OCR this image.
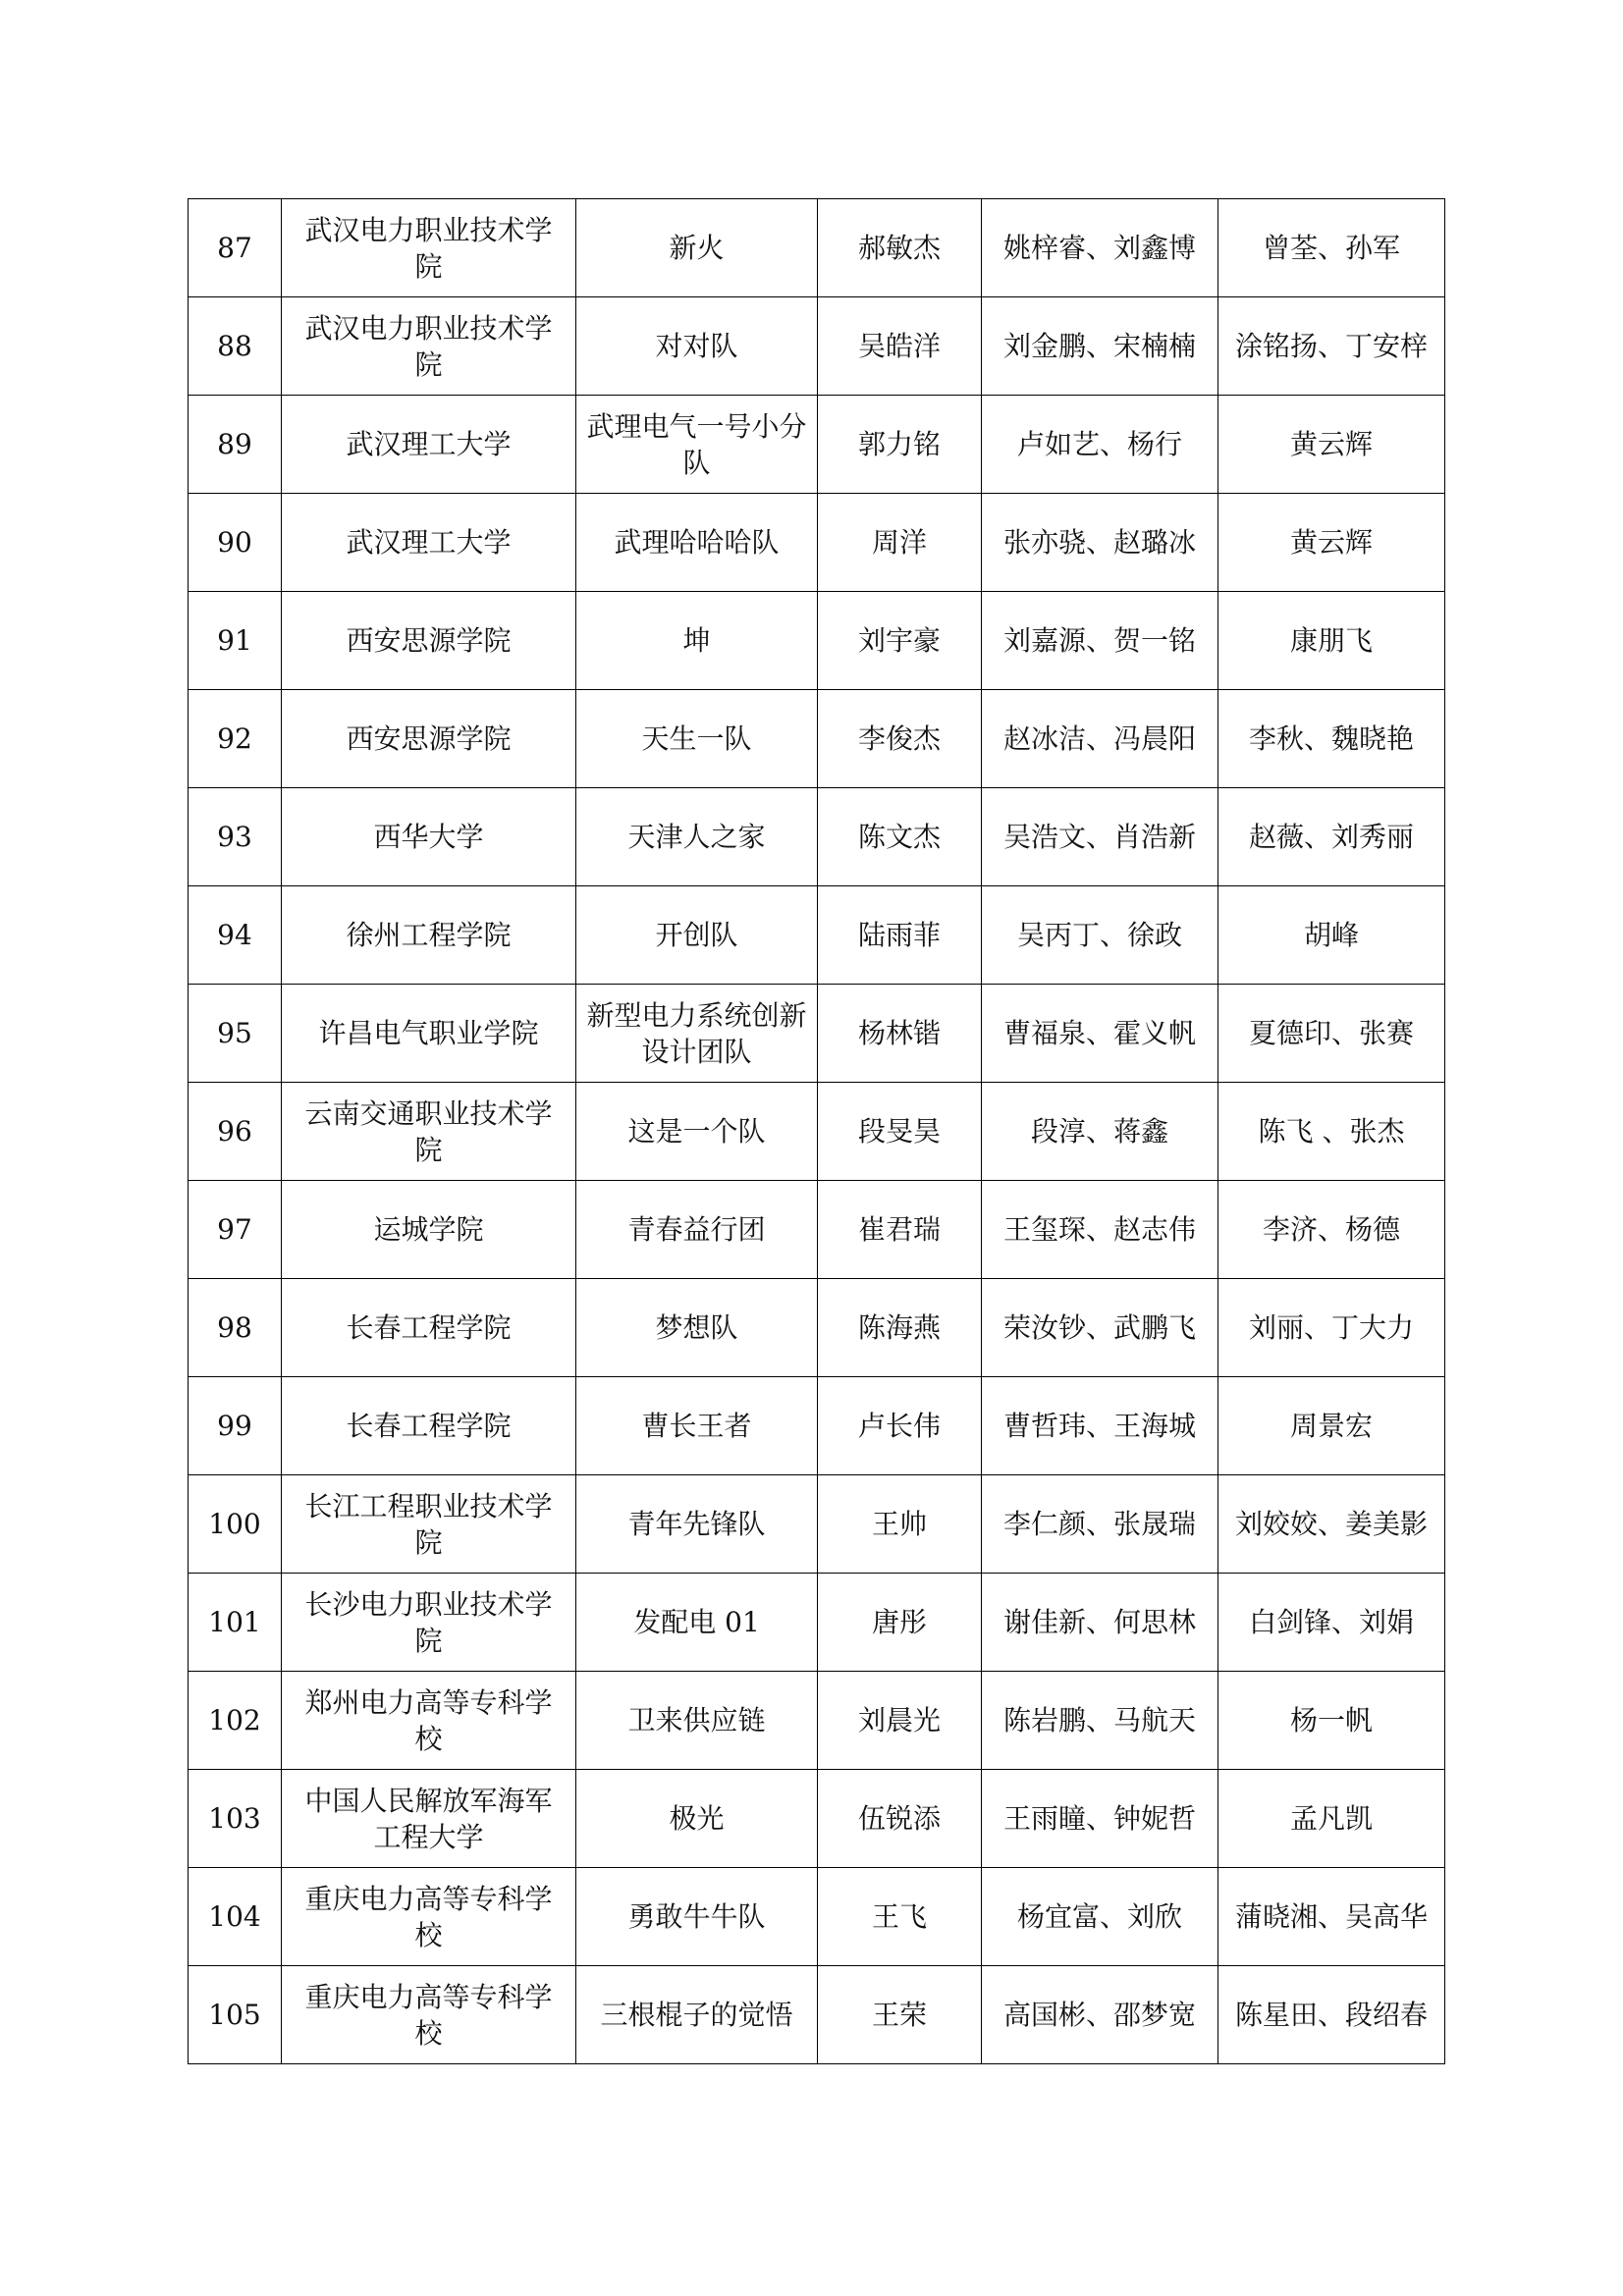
87	武汉电力职业技术学院	新火	郝敏杰	姚梓睿、刘鑫博	曾荃、孙军
88	武汉电力职业技术学院	对对队	吴皓洋	刘金鹏、宋楠楠	涂铭扬、丁安梓
89	武汉理工大学	武理电气一号小分队	郭力铭	卢如艺、杨行	黄云辉
90	武汉理工大学	武理哈哈哈队	周洋	张亦骁、赵璐冰	黄云辉
91	西安思源学院	坤	刘宇豪	刘嘉源、贺一铭	康朋飞
92	西安思源学院	天生一队	李俊杰	赵冰洁、冯晨阳	李秋、魏晓艳
93	西华大学	天津人之家	陈文杰	吴浩文、肖浩新	赵薇、刘秀丽
94	徐州工程学院	开创队	陆雨菲	吴丙丁、徐政	胡峰
95	许昌电气职业学院	新型电力系统创新设计团队	杨林锴	曹福泉、霍义帆	夏德印、张赛
96	云南交通职业技术学院	这是一个队	段旻昊	段淳、蒋鑫	陈飞 、张杰
97	运城学院	青春益行团	崔君瑞	王玺琛、赵志伟	李济、杨德
98	长春工程学院	梦想队	陈海燕	荣汝钞、武鹏飞	刘丽、丁大力
99	长春工程学院	曹长王者	卢长伟	曹哲玮、王海城	周景宏
100	长江工程职业技术学院	青年先锋队	王帅	李仁颜、张晟瑞	刘姣姣、姜美影
101	长沙电力职业技术学院	发配电 01	唐彤	谢佳新、何思林	白剑锋、刘娟
102	郑州电力高等专科学校	卫来供应链	刘晨光	陈岩鹏、马航天	杨一帆
103	中国人民解放军海军工程大学	极光	伍锐添	王雨瞳、钟妮哲	孟凡凯
104	重庆电力高等专科学校	勇敢牛牛队	王飞	杨宜富、刘欣	蒲晓湘、吴高华
105	重庆电力高等专科学校	三根棍子的觉悟	王荣	高国彬、邵梦宽	陈星田、段绍春
